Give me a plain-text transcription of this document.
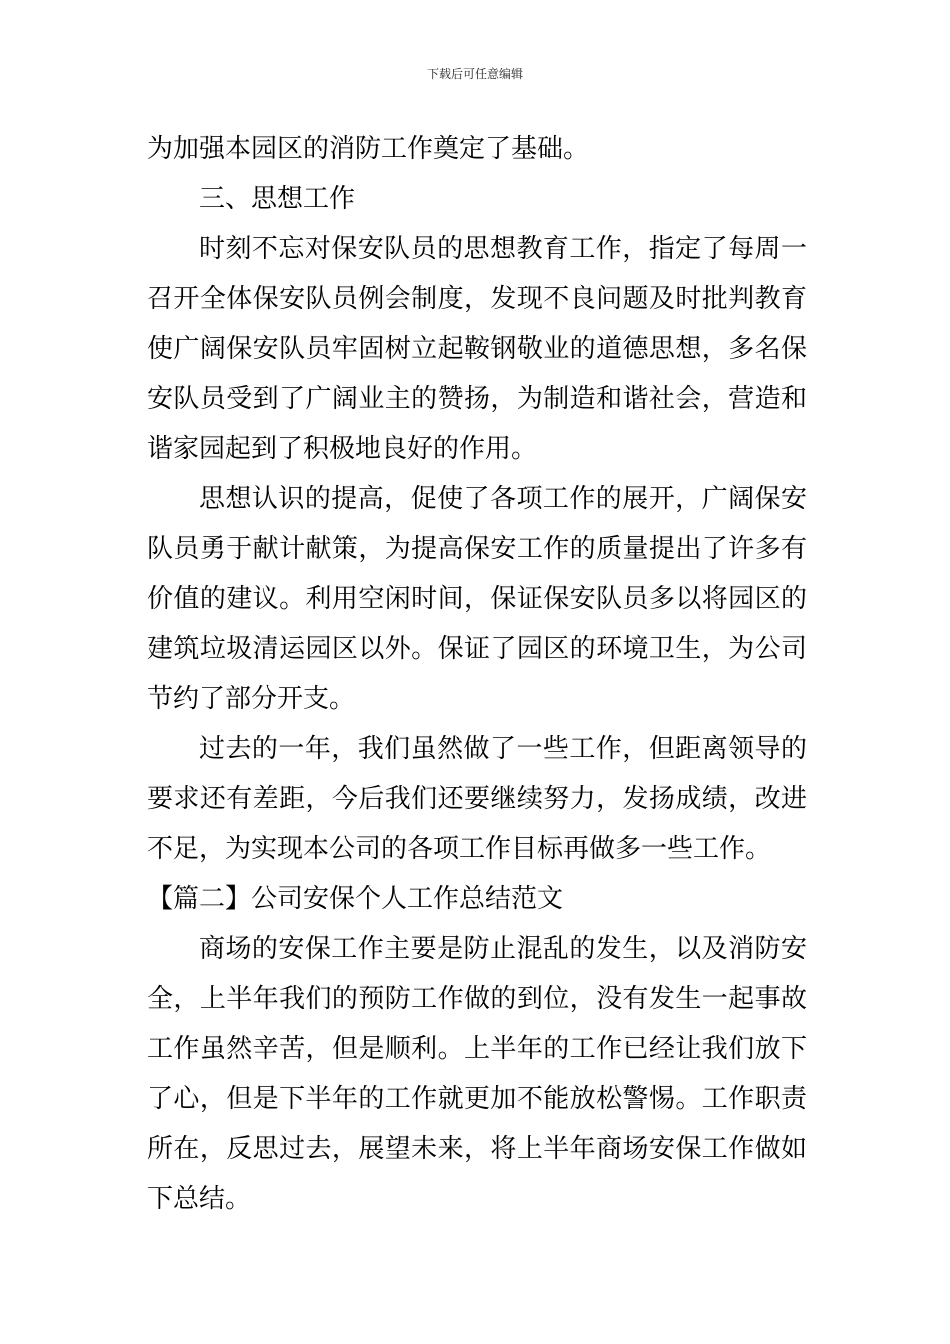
下载后可任意编辑
为加强本园区的消防工作奠定了基础。
三、思想工作
时刻不忘对保安队员的思想教育工作，指定了每周一
召开全体保安队员例会制度，发现不良问题及时批判教育
使广阔保安队员牢固树立起鞍钢敬业的道德思想，多名保
安队员受到了广阔业主的赞扬，为制造和谐社会，营造和
谐家园起到了积极地良好的作用。
思想认识的提高，促使了各项工作的展开，广阔保安
队员勇于献计献策，为提高保安工作的质量提出了许多有
价值的建议。利用空闲时间，保证保安队员多以将园区的
建筑垃圾清运园区以外。保证了园区的环境卫生，为公司
节约了部分开支。
过去的一年，我们虽然做了一些工作，但距离领导的
要求还有差距，今后我们还要继续努力，发扬成绩，改进
不足，为实现本公司的各项工作目标再做多一些工作。
【篇二】公司安保个人工作总结范文
商场的安保工作主要是防止混乱的发生，以及消防安
全，上半年我们的预防工作做的到位，没有发生一起事故
工作虽然辛苦，但是顺利。上半年的工作已经让我们放下
了心，但是下半年的工作就更加不能放松警惕。工作职责
所在，反思过去，展望未来，将上半年商场安保工作做如
下总结。
